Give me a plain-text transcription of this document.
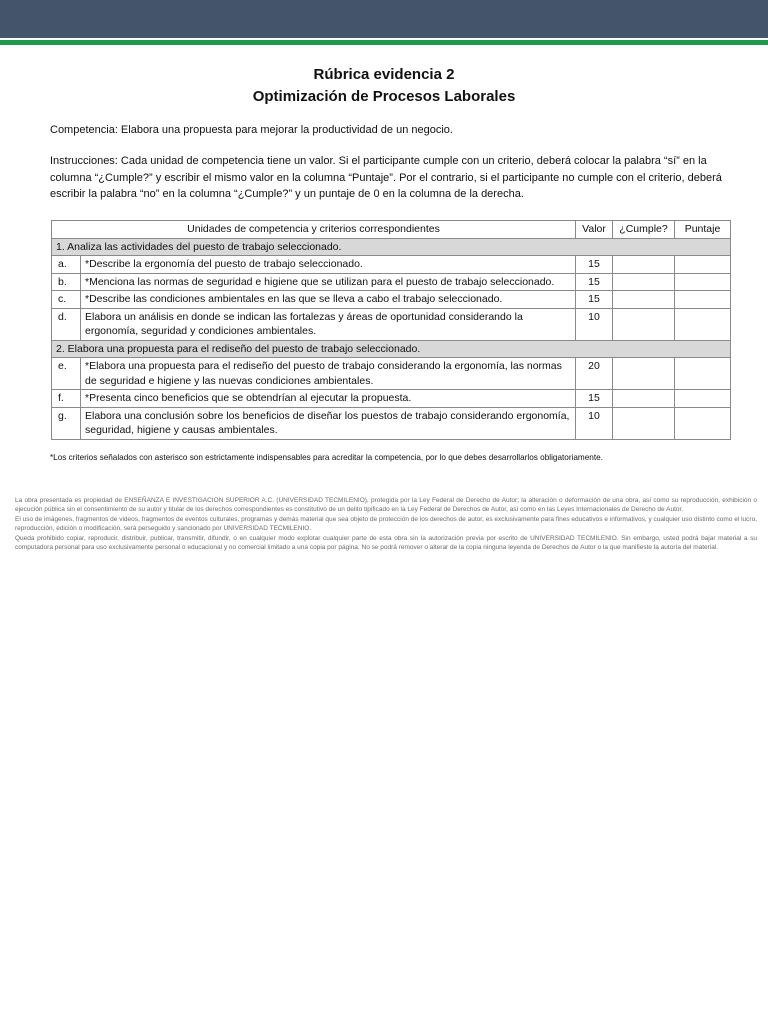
Rúbrica evidencia 2
Optimización de Procesos Laborales
Competencia: Elabora una propuesta para mejorar la productividad de un negocio.
Instrucciones: Cada unidad de competencia tiene un valor. Si el participante cumple con un criterio, deberá colocar la palabra “sí” en la columna “¿Cumple?” y escribir el mismo valor en la columna “Puntaje”. Por el contrario, si el participante no cumple con el criterio, deberá escribir la palabra “no” en la columna “¿Cumple?” y un puntaje de 0 en la columna de la derecha.
Unidades de competencia y criterios correspondientes		Valor	¿Cumple?	Puntaje
1. Analiza las actividades del puesto de trabajo seleccionado.				
a.	*Describe la ergonomía del puesto de trabajo seleccionado.	15		
b.	*Menciona las normas de seguridad e higiene que se utilizan para el puesto de trabajo seleccionado.	15		
c.	*Describe las condiciones ambientales en las que se lleva a cabo el trabajo seleccionado.	15		
d.	Elabora un análisis en donde se indican las fortalezas y áreas de oportunidad considerando la ergonomía, seguridad y condiciones ambientales.	10		
2. Elabora una propuesta para el rediseño del puesto de trabajo seleccionado.				
e.	*Elabora una propuesta para el rediseño del puesto de trabajo considerando la ergonomía, las normas de seguridad e higiene y las nuevas condiciones ambientales.	20		
f.	*Presenta cinco beneficios que se obtendrían al ejecutar la propuesta.	15		
g.	Elabora una conclusión sobre los beneficios de diseñar los puestos de trabajo considerando ergonomía, seguridad, higiene y causas ambientales.	10		
*Los criterios señalados con asterisco son estrictamente indispensables para acreditar la competencia, por lo que debes desarrollarlos obligatoriamente.

La obra presentada es propiedad de ENSEÑANZA E INVESTIGACION SUPERIOR A.C. (UNIVERSIDAD TECMILENIO), protegida por la Ley Federal de Derecho de Autor; la alteración o deformación de una obra, así como su reproducción, exhibición o ejecución pública sin el consentimiento de su autor y titular de los derechos correspondientes es constitutivo de un delito tipificado en la Ley Federal de Derechos de Autor, así como en las Leyes Internacionales de Derecho de Autor.

El uso de imágenes, fragmentos de videos, fragmentos de eventos culturales, programas y demás material que sea objeto de protección de los derechos de autor, es exclusivamente para fines educativos e informativos, y cualquier uso distinto como el lucro, reproducción, edición o modificación, será perseguido y sancionado por UNIVERSIDAD TECMILENIO.

Queda prohibido copiar, reproducir, distribuir, publicar, transmitir, difundir, o en cualquier modo explotar cualquier parte de esta obra sin la autorización previa por escrito de UNIVERSIDAD TECMILENIO. Sin embargo, usted podrá bajar material a su computadora personal para uso exclusivamente personal o educacional y no comercial limitado a una copia por página. No se podrá remover o alterar de la copia ninguna leyenda de Derechos de Autor o la que manifieste la autoría del material.
